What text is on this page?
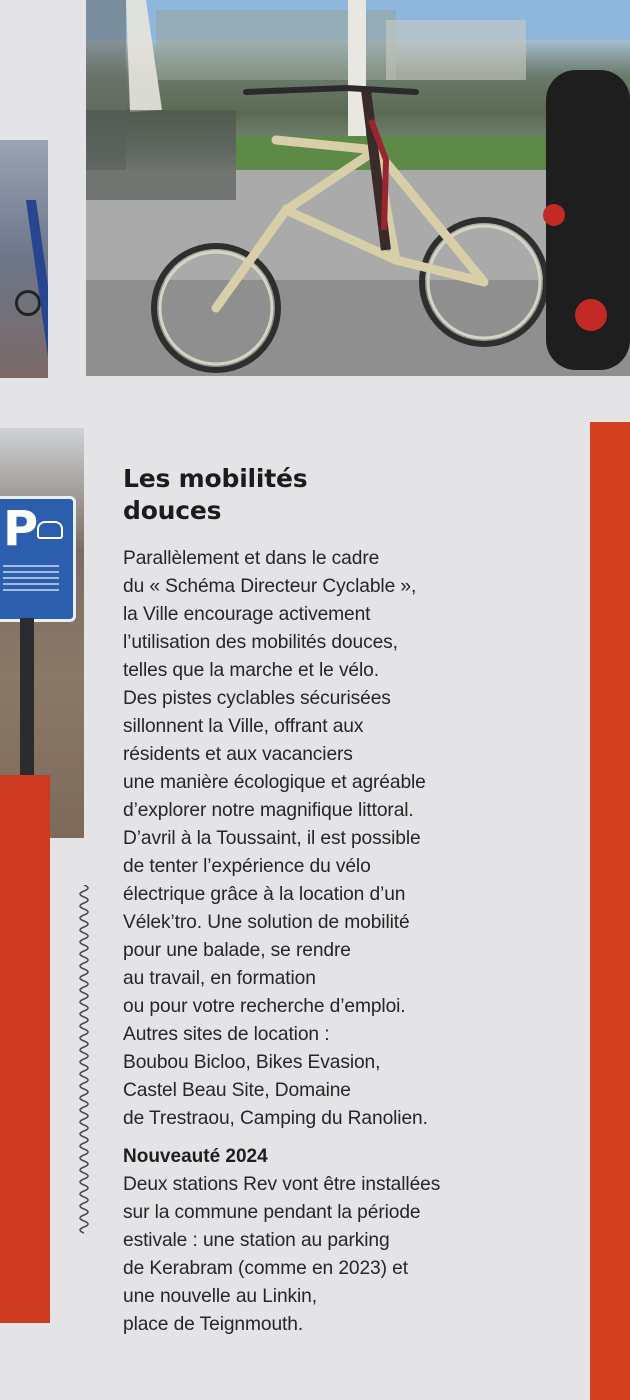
P
Les mobilités
douces
Parallèlement et dans le cadre
du « Schéma Directeur Cyclable »,
la Ville encourage activement
l’utilisation des mobilités douces,
telles que la marche et le vélo.
Des pistes cyclables sécurisées
sillonnent la Ville, offrant aux
résidents et aux vacanciers
une manière écologique et agréable
d’explorer notre magnifique littoral.
D’avril à la Toussaint, il est possible
de tenter l’expérience du vélo
électrique grâce à la location d’un
Vélek’tro. Une solution de mobilité
pour une balade, se rendre
au travail, en formation
ou pour votre recherche d’emploi.
Autres sites de location :
Boubou Bicloo, Bikes Evasion,
Castel Beau Site, Domaine
de Trestraou, Camping du Ranolien.
Nouveauté 2024
Deux stations Rev vont être installées
sur la commune pendant la période
estivale : une station au parking
de Kerabram (comme en 2023) et
une nouvelle au Linkin,
place de Teignmouth.
